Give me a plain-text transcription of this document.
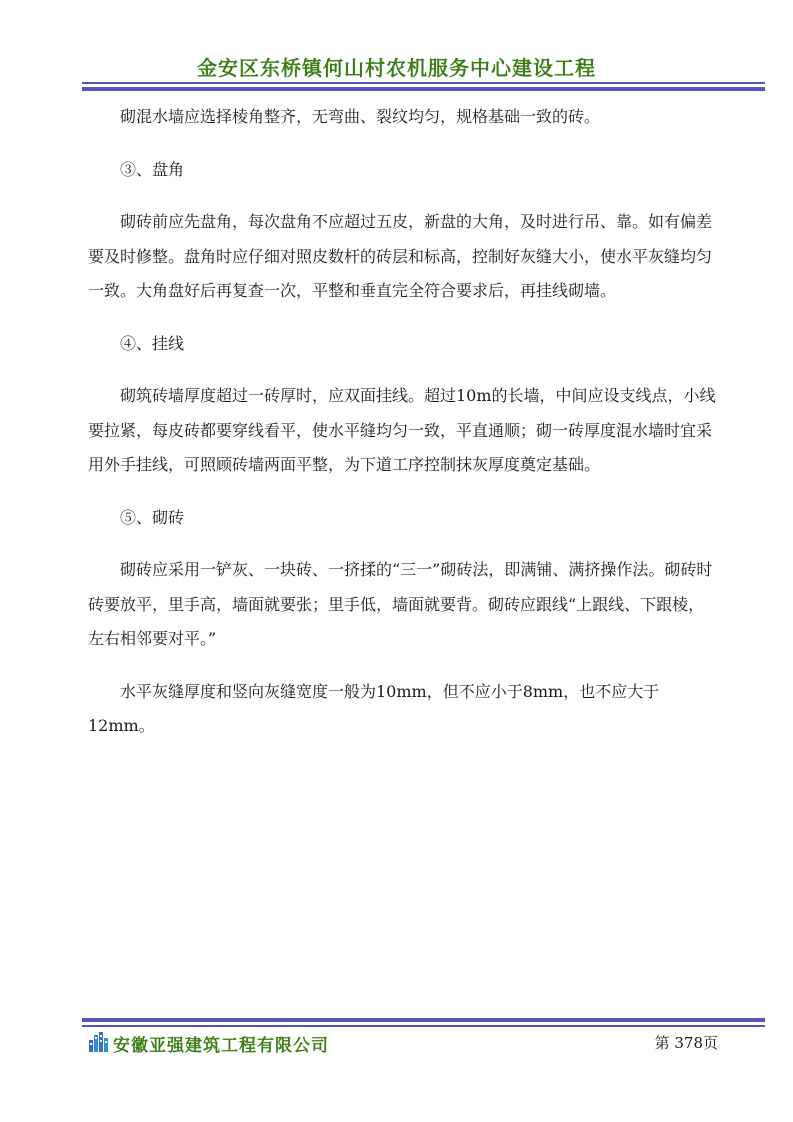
金安区东桥镇何山村农机服务中心建设工程

砌混水墙应选择棱角整齐，无弯曲、裂纹均匀，规格基础一致的砖。

③、盘角

砌砖前应先盘角，每次盘角不应超过五皮，新盘的大角，及时进行吊、靠。如有偏差要及时修整。盘角时应仔细对照皮数杆的砖层和标高，控制好灰缝大小，使水平灰缝均匀一致。大角盘好后再复查一次，平整和垂直完全符合要求后，再挂线砌墙。

④、挂线

砌筑砖墙厚度超过一砖厚时，应双面挂线。超过10m的长墙，中间应设支线点，小线要拉紧，每皮砖都要穿线看平，使水平缝均匀一致，平直通顺；砌一砖厚度混水墙时宜采用外手挂线，可照顾砖墙两面平整，为下道工序控制抹灰厚度奠定基础。

⑤、砌砖

砌砖应采用一铲灰、一块砖、一挤揉的“三一”砌砖法，即满铺、满挤操作法。砌砖时砖要放平，里手高，墙面就要张；里手低，墙面就要背。砌砖应跟线“上跟线、下跟棱，左右相邻要对平。”

水平灰缝厚度和竖向灰缝宽度一般为10mm，但不应小于8mm，也不应大于12mm。

安徽亚强建筑工程有限公司	第 378页
